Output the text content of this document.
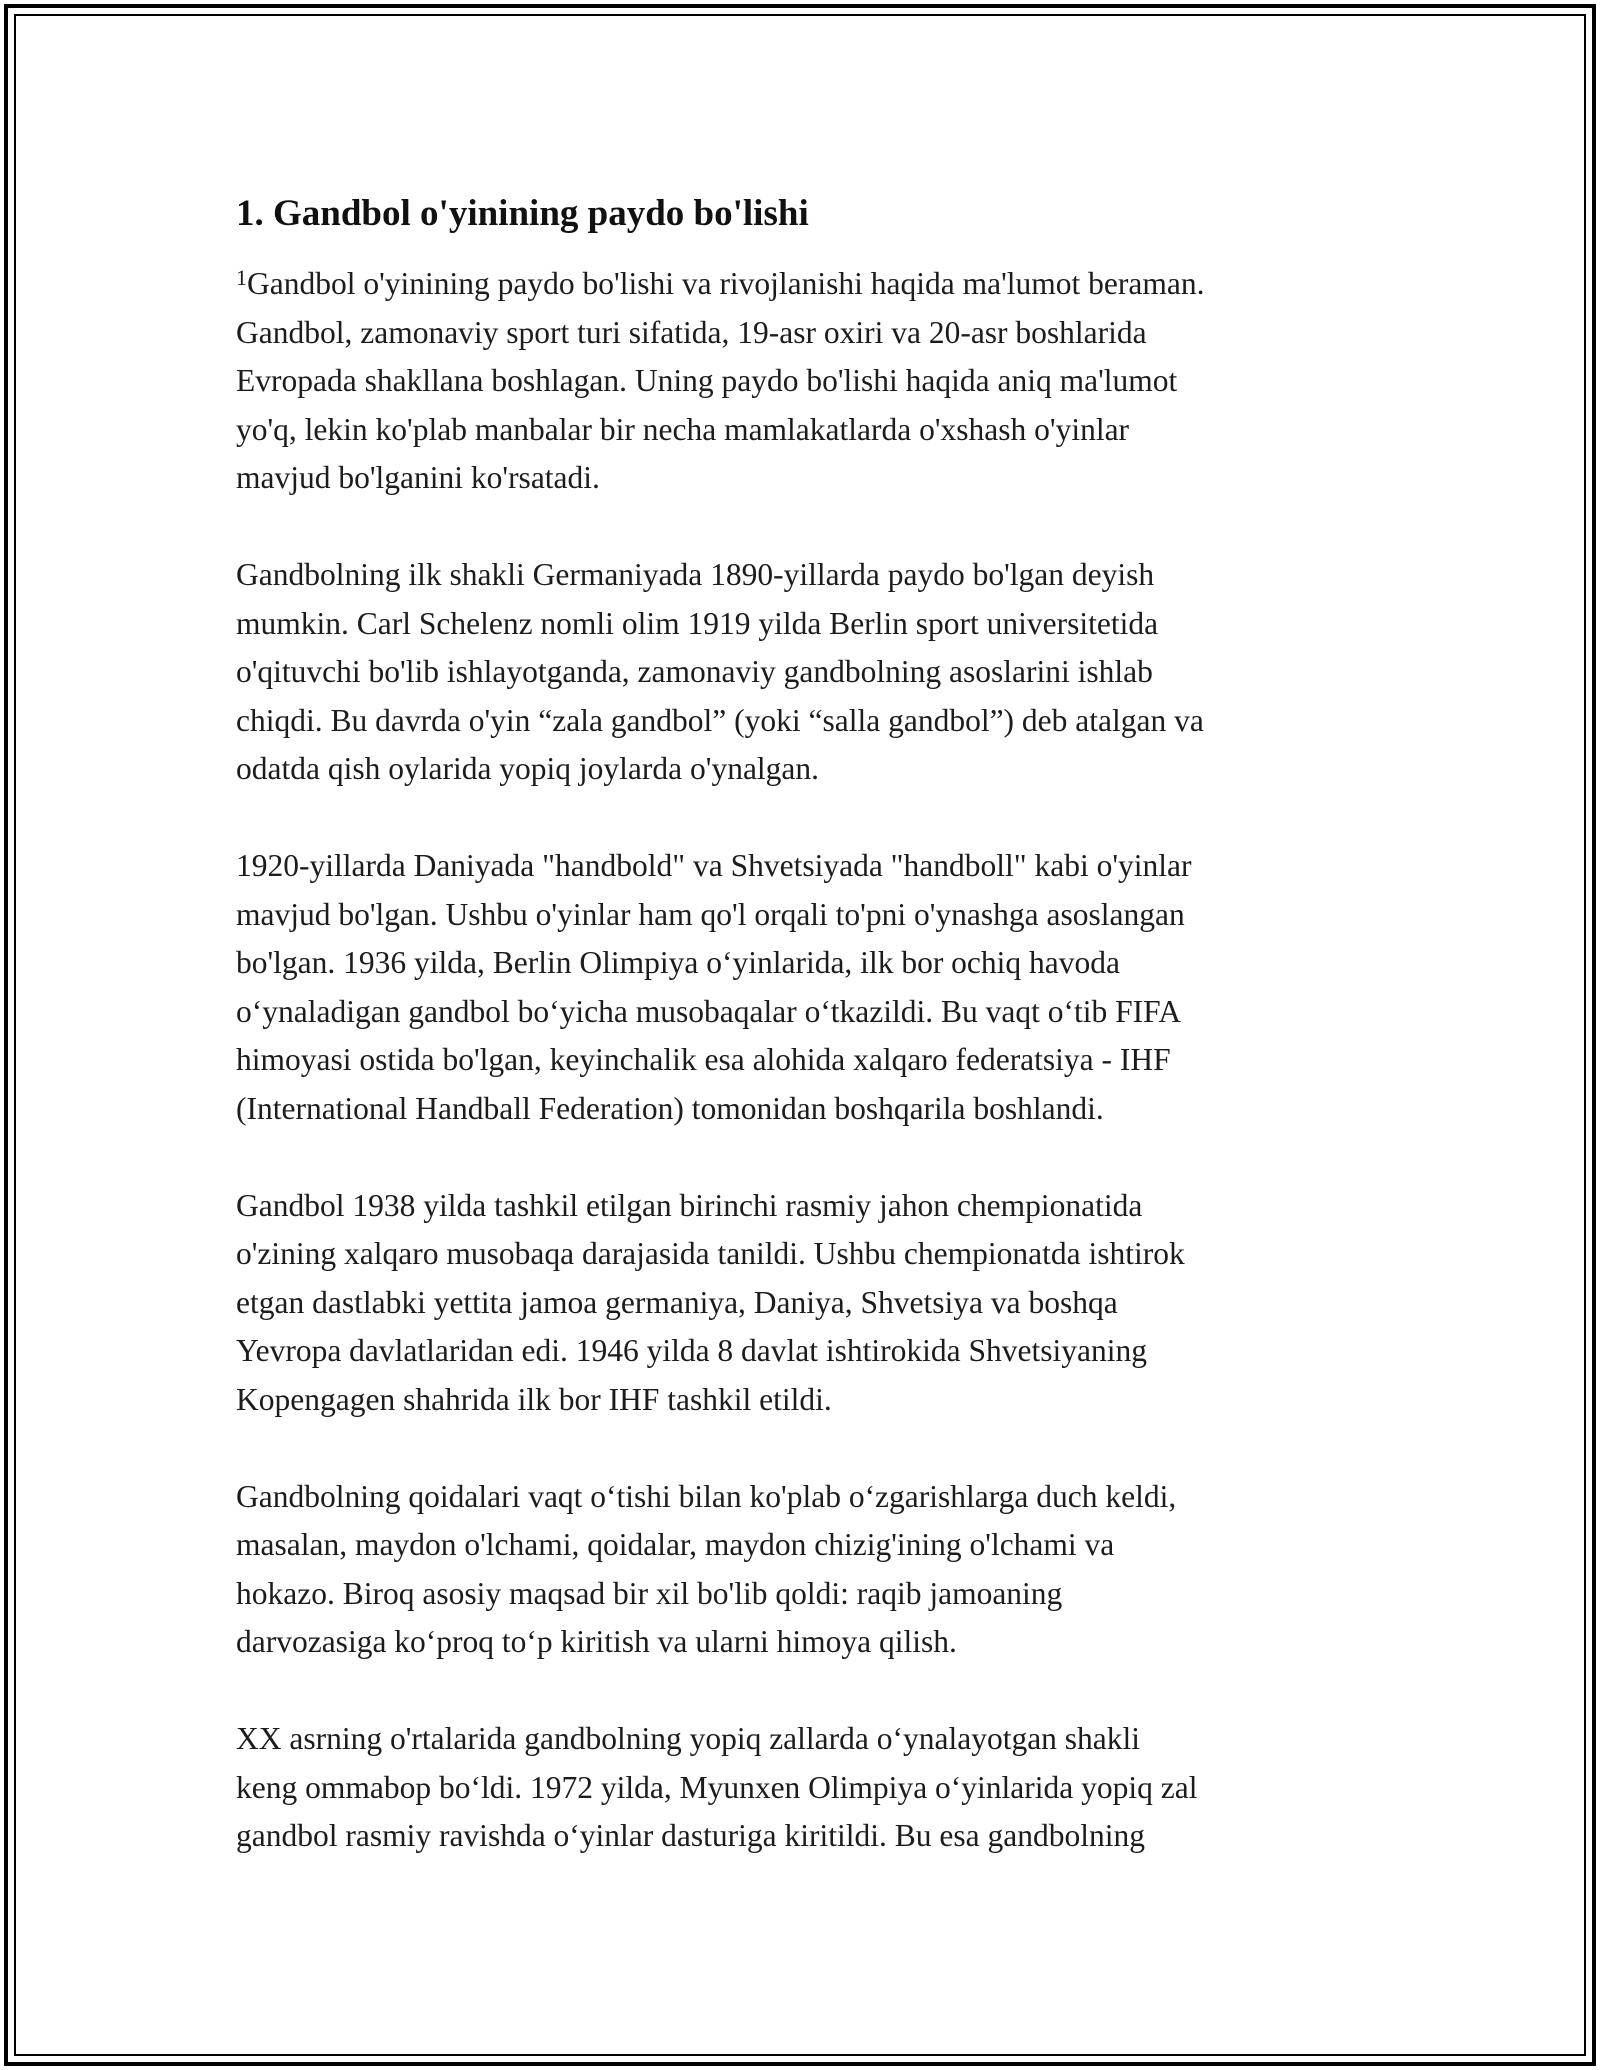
1. Gandbol o'yinining paydo bo'lishi

$^1$Gandbol o'yinining paydo bo'lishi va rivojlanishi haqida ma'lumot beraman.
Gandbol, zamonaviy sport turi sifatida, 19-asr oxiri va 20-asr boshlarida
Evropada shakllana boshlagan. Uning paydo bo'lishi haqida aniq ma'lumot
yo'q, lekin ko'plab manbalar bir necha mamlakatlarda o'xshash o'yinlar
mavjud bo'lganini ko'rsatadi.

Gandbolning ilk shakli Germaniyada 1890-yillarda paydo bo'lgan deyish
mumkin. Carl Schelenz nomli olim 1919 yilda Berlin sport universitetida
o'qituvchi bo'lib ishlayotganda, zamonaviy gandbolning asoslarini ishlab
chiqdi. Bu davrda o'yin “zala gandbol” (yoki “salla gandbol”) deb atalgan va
odatda qish oylarida yopiq joylarda o'ynalgan.

1920-yillarda Daniyada "handbold" va Shvetsiyada "handboll" kabi o'yinlar
mavjud bo'lgan. Ushbu o'yinlar ham qo'l orqali to'pni o'ynashga asoslangan
bo'lgan. 1936 yilda, Berlin Olimpiya o‘yinlarida, ilk bor ochiq havoda
o‘ynaladigan gandbol bo‘yicha musobaqalar o‘tkazildi. Bu vaqt o‘tib FIFA
himoyasi ostida bo'lgan, keyinchalik esa alohida xalqaro federatsiya - IHF
(International Handball Federation) tomonidan boshqarila boshlandi.

Gandbol 1938 yilda tashkil etilgan birinchi rasmiy jahon chempionatida
o'zining xalqaro musobaqa darajasida tanildi. Ushbu chempionatda ishtirok
etgan dastlabki yettita jamoa germaniya, Daniya, Shvetsiya va boshqa
Yevropa davlatlaridan edi. 1946 yilda 8 davlat ishtirokida Shvetsiyaning
Kopengagen shahrida ilk bor IHF tashkil etildi.

Gandbolning qoidalari vaqt o‘tishi bilan ko'plab o‘zgarishlarga duch keldi,
masalan, maydon o'lchami, qoidalar, maydon chizig'ining o'lchami va
hokazo. Biroq asosiy maqsad bir xil bo'lib qoldi: raqib jamoaning
darvozasiga ko‘proq to‘p kiritish va ularni himoya qilish.

XX asrning o'rtalarida gandbolning yopiq zallarda o‘ynalayotgan shakli
keng ommabop bo‘ldi. 1972 yilda, Myunxen Olimpiya o‘yinlarida yopiq zal
gandbol rasmiy ravishda o‘yinlar dasturiga kiritildi. Bu esa gandbolning
